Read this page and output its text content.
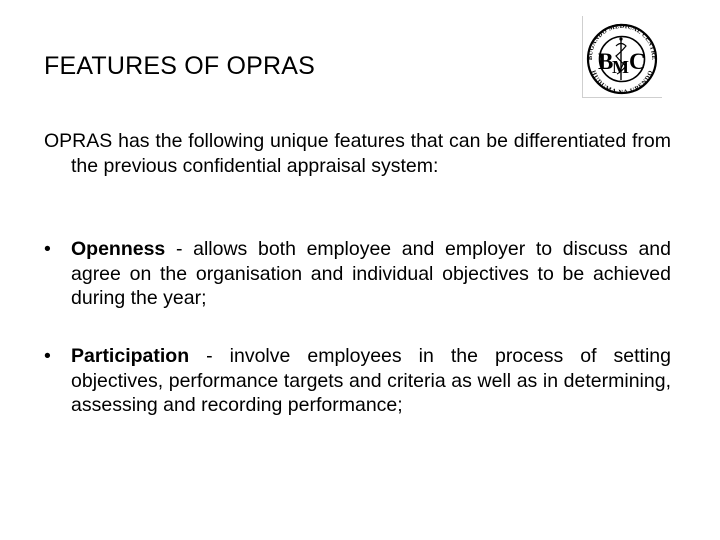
FEATURES OF OPRAS	BUGANDO MEDICAL CENTRE
HUDUMA NA UPENDO
B
M C
OPRAS has the following unique features that can be differentiated from the previous confidential appraisal system:
•	Openness - allows both employee and employer to discuss and agree on the organisation and individual objectives to be achieved during the year;
•	Participation - involve employees in the process of setting objectives, performance targets and criteria as well as in determining, assessing and recording performance;
